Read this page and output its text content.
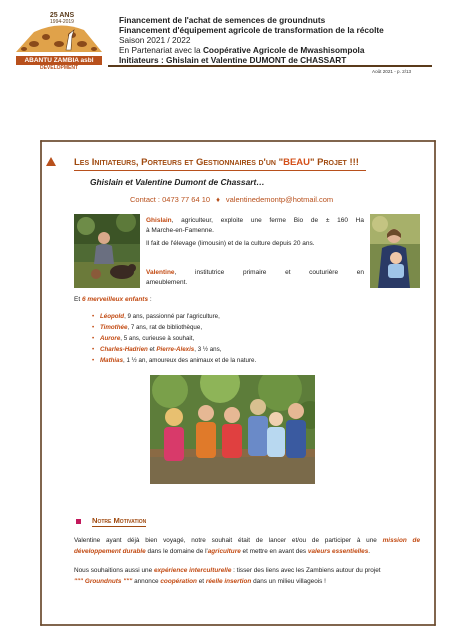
25 ANS
1994-2019
ABANTU ZAMBIA asbl
DEVELOPMENT
Financement de l'achat de semences de groundnuts
Financement d'équipement agricole de transformation de la récolte
Saison 2021 / 2022
En Partenariat avec la Coopérative Agricole de Mwashisompola
Initiateurs : Ghislain et Valentine DUMONT de CHASSART
Août 2021 - p. 2/13
Les Initiateurs, Porteurs et Gestionnaires d'un "BEAU" Projet !!!
Ghislain et Valentine Dumont de Chassart…
Contact : 0473 77 64 10 ♦ valentinedemontp@hotmail.com
Ghislain, agriculteur, exploite une ferme Bio de ± 160 Ha
à Marche-en-Famenne.
Il fait de l'élevage (limousin) et de la culture depuis 20 ans.
Valentine, institutrice primaire et couturière en
ameublement.
Et 6 merveilleux enfants :
• Léopold, 9 ans, passionné par l'agriculture,
• Timothée, 7 ans, rat de bibliothèque,
• Aurore, 5 ans, curieuse à souhait,
• Charles-Hadrien et Pierre-Alexis, 3 ½ ans,
• Mathias, 1 ½ an, amoureux des animaux et de la nature.
Notre Motivation
Valentine ayant déjà bien voyagé, notre souhait était de lancer et/ou de participer à une mission de
développement durable dans le domaine de l'agriculture et mettre en avant des valeurs essentielles.
Nous souhaitions aussi une expérience interculturelle : tisser des liens avec les Zambiens autour du projet
""" Groundnuts """ annonce coopération et réelle insertion dans un milieu villageois !
